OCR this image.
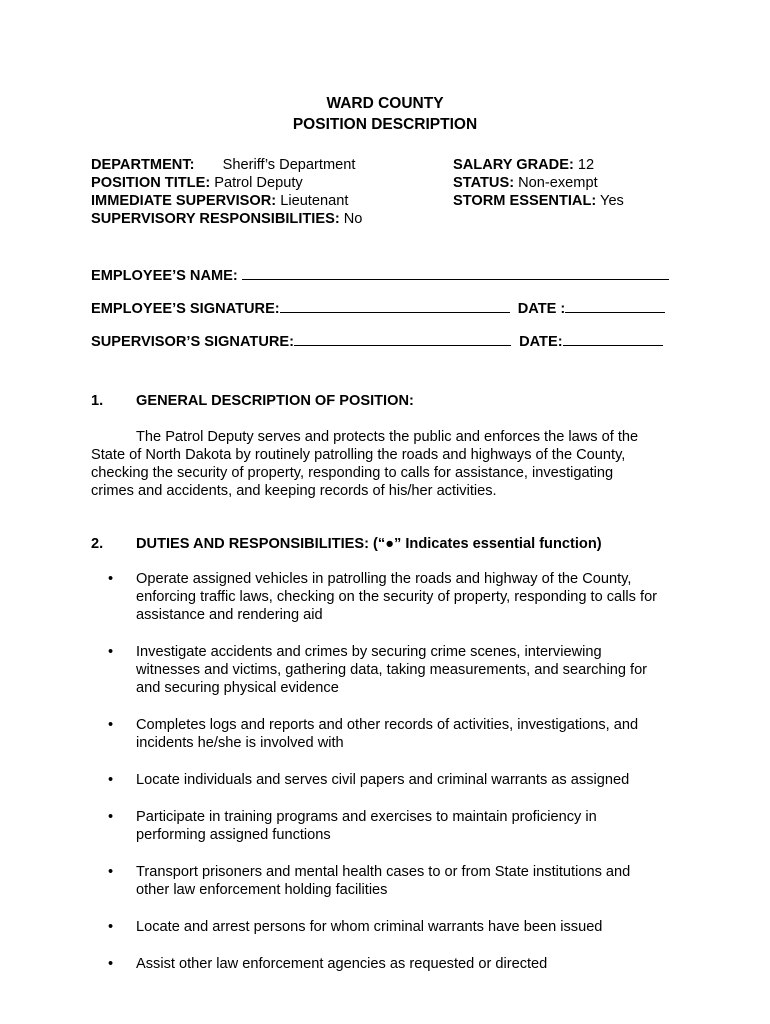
WARD COUNTY
POSITION DESCRIPTION
DEPARTMENT: Sheriff’s Department
POSITION TITLE: Patrol Deputy
IMMEDIATE SUPERVISOR: Lieutenant
SUPERVISORY RESPONSIBILITIES: No
SALARY GRADE: 12
STATUS: Non-exempt
STORM ESSENTIAL: Yes
EMPLOYEE’S NAME:
EMPLOYEE’S SIGNATURE:	DATE :
SUPERVISOR’S SIGNATURE:	DATE:
1. GENERAL DESCRIPTION OF POSITION:
The Patrol Deputy serves and protects the public and enforces the laws of the
State of North Dakota by routinely patrolling the roads and highways of the County,
checking the security of property, responding to calls for assistance, investigating
crimes and accidents, and keeping records of his/her activities.
2. DUTIES AND RESPONSIBILITIES: (“●” Indicates essential function)
• Operate assigned vehicles in patrolling the roads and highway of the County,
enforcing traffic laws, checking on the security of property, responding to calls for
assistance and rendering aid
• Investigate accidents and crimes by securing crime scenes, interviewing
witnesses and victims, gathering data, taking measurements, and searching for
and securing physical evidence
• Completes logs and reports and other records of activities, investigations, and
incidents he/she is involved with
• Locate individuals and serves civil papers and criminal warrants as assigned
• Participate in training programs and exercises to maintain proficiency in
performing assigned functions
• Transport prisoners and mental health cases to or from State institutions and
other law enforcement holding facilities
• Locate and arrest persons for whom criminal warrants have been issued
• Assist other law enforcement agencies as requested or directed
